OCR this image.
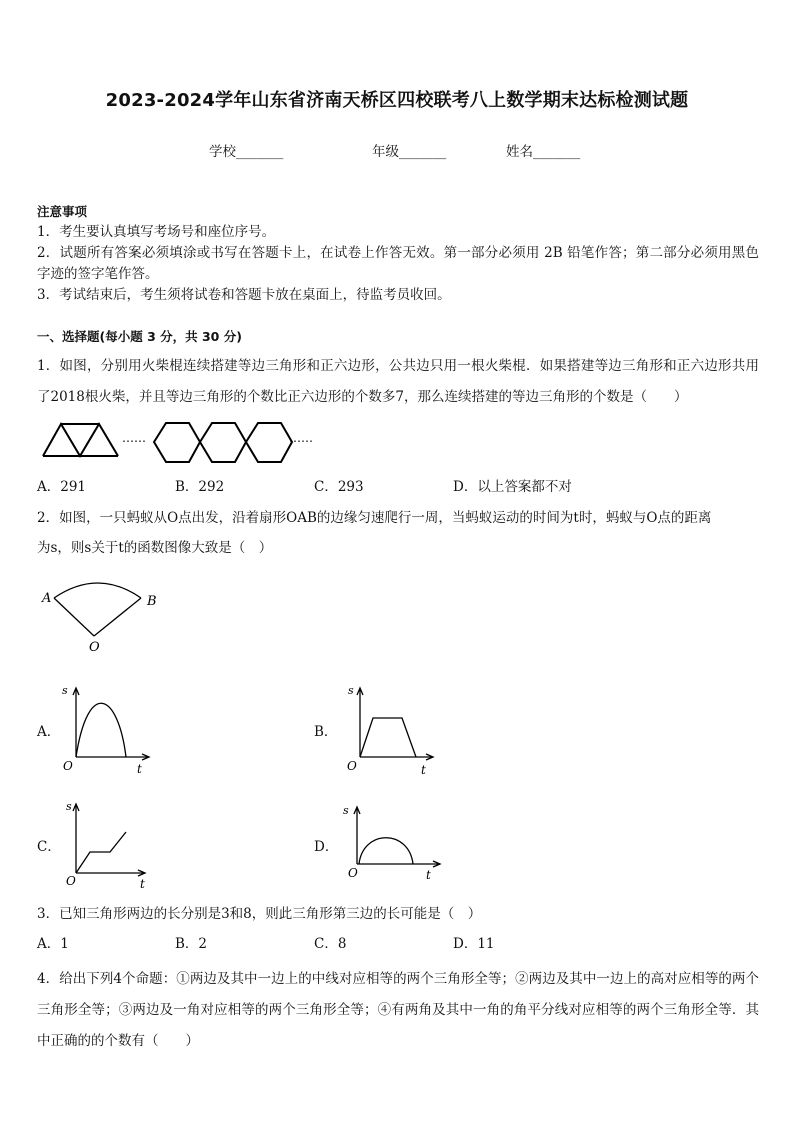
2023-2024学年山东省济南天桥区四校联考八上数学期末达标检测试题
学校_______	年级_______	姓名_______
注意事项
1．考生要认真填写考场号和座位序号。
2．试题所有答案必须填涂或书写在答题卡上，在试卷上作答无效。第一部分必须用 2B 铅笔作答；第二部分必须用黑色字迹的签字笔作答。
3．考试结束后，考生须将试卷和答题卡放在桌面上，待监考员收回。
一、选择题(每小题 3 分，共 30 分)
1．如图，分别用火柴棍连续搭建等边三角形和正六边形，公共边只用一根火柴棍．如果搭建等边三角形和正六边形共用了2018根火柴，并且等边三角形的个数比正六边形的个数多7，那么连续搭建的等边三角形的个数是（　　）
……	……
A．291	B．292	C．293	D．以上答案都不对
2．如图，一只蚂蚁从O点出发，沿着扇形OAB的边缘匀速爬行一周，当蚂蚁运动的时间为t时，蚂蚁与O点的距离
为s，则s关于t的函数图像大致是（　）
A	B
O
A．
s
O	t
B．
s
O	t
C．
s
O	t
D．
s
O	t
3．已知三角形两边的长分别是3和8，则此三角形第三边的长可能是（　）
A．1	B．2	C．8	D．11
4．给出下列4个命题：①两边及其中一边上的中线对应相等的两个三角形全等；②两边及其中一边上的高对应相等的两个三角形全等；③两边及一角对应相等的两个三角形全等；④有两角及其中一角的角平分线对应相等的两个三角形全等．其中正确的的个数有（　　）
